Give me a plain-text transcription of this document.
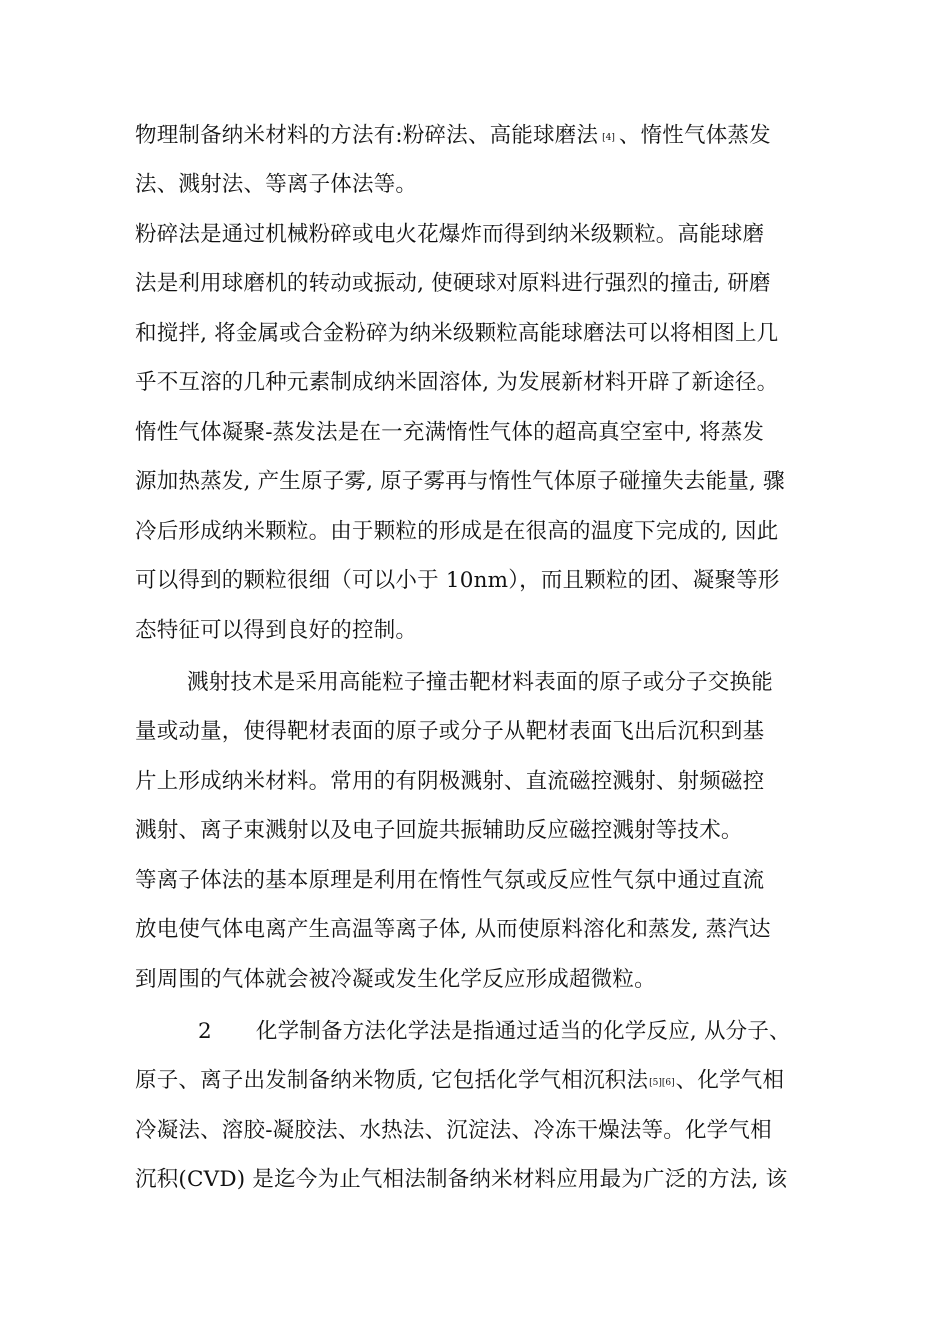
物理制备纳米材料的方法有:粉碎法、高能球磨法 [4] 、惰性气体蒸发
法、溅射法、等离子体法等。
粉碎法是通过机械粉碎或电火花爆炸而得到纳米级颗粒。高能球磨
法是利用球磨机的转动或振动, 使硬球对原料进行强烈的撞击, 研磨
和搅拌, 将金属或合金粉碎为纳米级颗粒高能球磨法可以将相图上几
乎不互溶的几种元素制成纳米固溶体, 为发展新材料开辟了新途径。
惰性气体凝聚-蒸发法是在一充满惰性气体的超高真空室中, 将蒸发
源加热蒸发, 产生原子雾, 原子雾再与惰性气体原子碰撞失去能量, 骤
冷后形成纳米颗粒。由于颗粒的形成是在很高的温度下完成的, 因此
可以得到的颗粒很细（可以小于 10nm），而且颗粒的团、凝聚等形
态特征可以得到良好的控制。
溅射技术是采用高能粒子撞击靶材料表面的原子或分子交换能
量或动量，使得靶材表面的原子或分子从靶材表面飞出后沉积到基
片上形成纳米材料。常用的有阴极溅射、直流磁控溅射、射频磁控
溅射、离子束溅射以及电子回旋共振辅助反应磁控溅射等技术。
等离子体法的基本原理是利用在惰性气氛或反应性气氛中通过直流
放电使气体电离产生高温等离子体, 从而使原料溶化和蒸发, 蒸汽达
到周围的气体就会被冷凝或发生化学反应形成超微粒。
2 化学制备方法化学法是指通过适当的化学反应, 从分子、
原子、离子出发制备纳米物质, 它包括化学气相沉积法[5][6]、化学气相
冷凝法、溶胶-凝胶法、水热法、沉淀法、冷冻干燥法等。化学气相
沉积(CVD) 是迄今为止气相法制备纳米材料应用最为广泛的方法, 该
